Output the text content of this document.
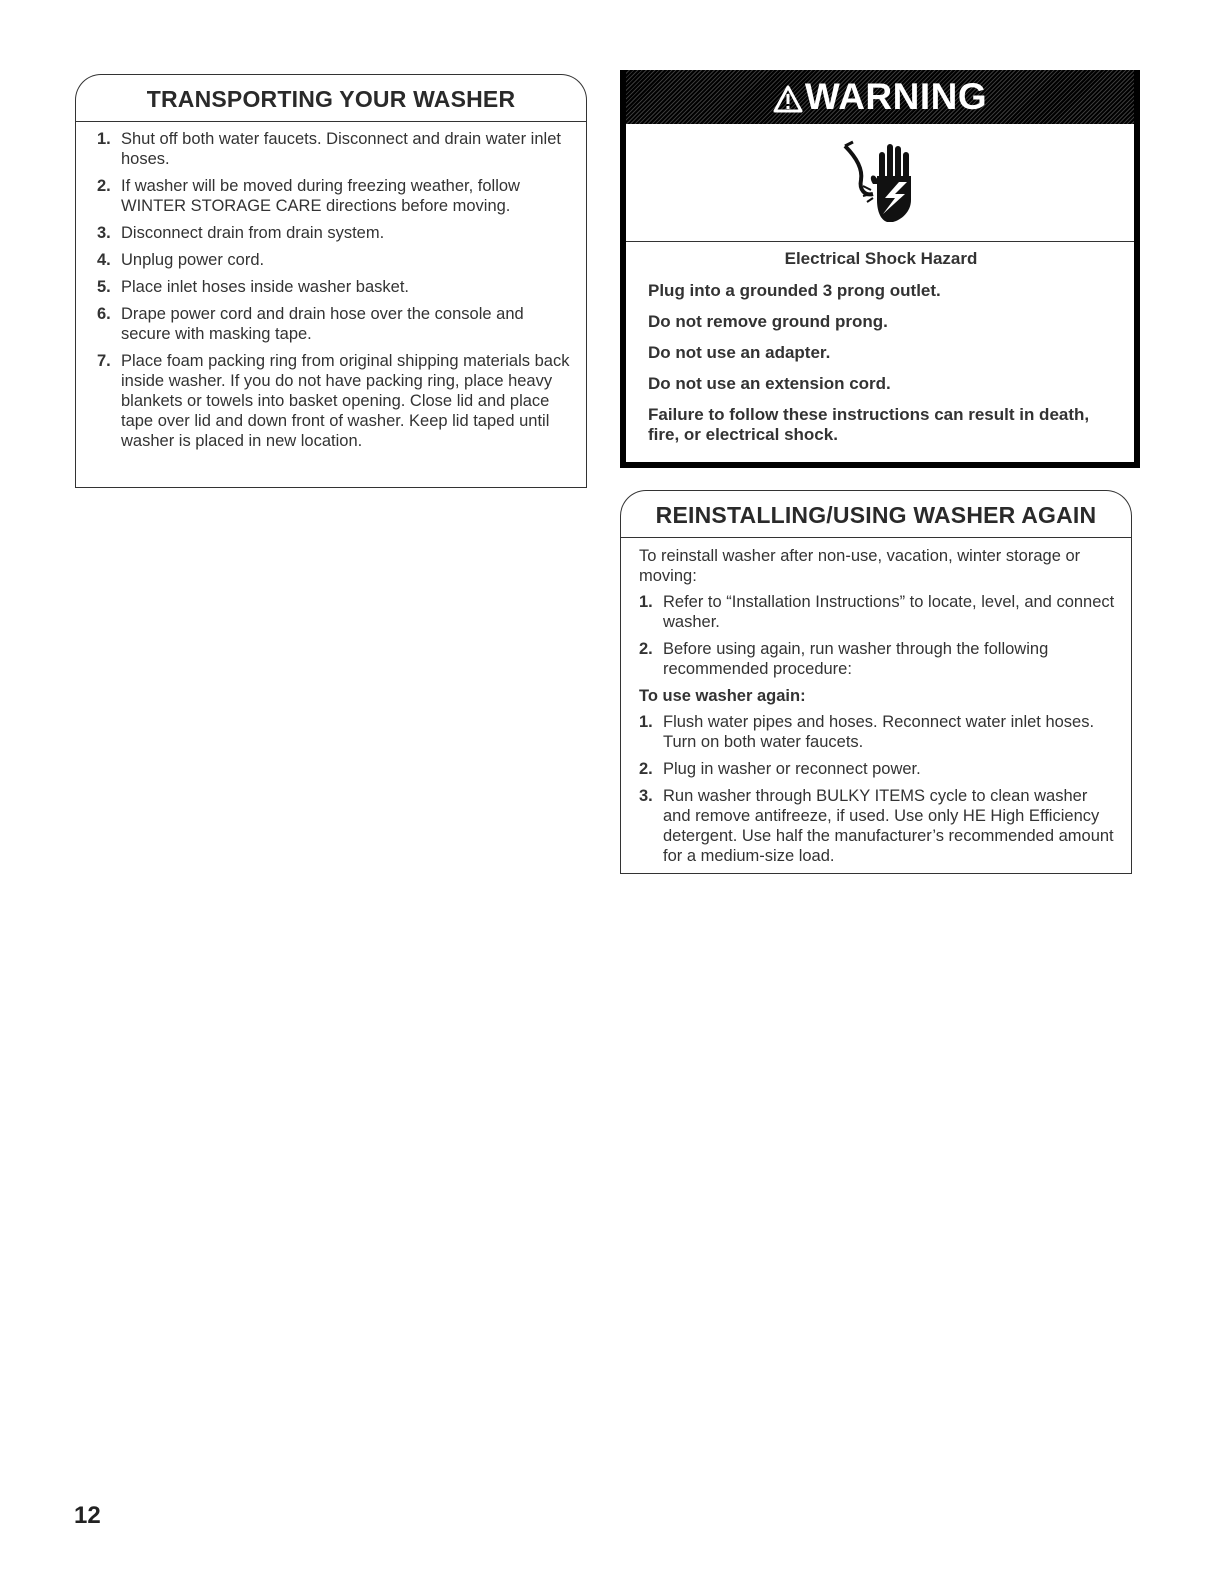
TRANSPORTING YOUR WASHER
1. Shut off both water faucets. Disconnect and drain water inlet hoses.
2. If washer will be moved during freezing weather, follow WINTER STORAGE CARE directions before moving.
3. Disconnect drain from drain system.
4. Unplug power cord.
5. Place inlet hoses inside washer basket.
6. Drape power cord and drain hose over the console and secure with masking tape.
7. Place foam packing ring from original shipping materials back inside washer. If you do not have packing ring, place heavy blankets or towels into basket opening. Close lid and place tape over lid and down front of washer. Keep lid taped until washer is placed in new location.
WARNING
Electrical Shock Hazard
Plug into a grounded 3 prong outlet.
Do not remove ground prong.
Do not use an adapter.
Do not use an extension cord.
Failure to follow these instructions can result in death, fire, or electrical shock.
REINSTALLING/USING WASHER AGAIN
To reinstall washer after non-use, vacation, winter storage or moving:
1. Refer to “Installation Instructions” to locate, level, and connect washer.
2. Before using again, run washer through the following recommended procedure:
To use washer again:
1. Flush water pipes and hoses. Reconnect water inlet hoses. Turn on both water faucets.
2. Plug in washer or reconnect power.
3. Run washer through BULKY ITEMS cycle to clean washer and remove antifreeze, if used. Use only HE High Efficiency detergent. Use half the manufacturer’s recommended amount for a medium-size load.
12
